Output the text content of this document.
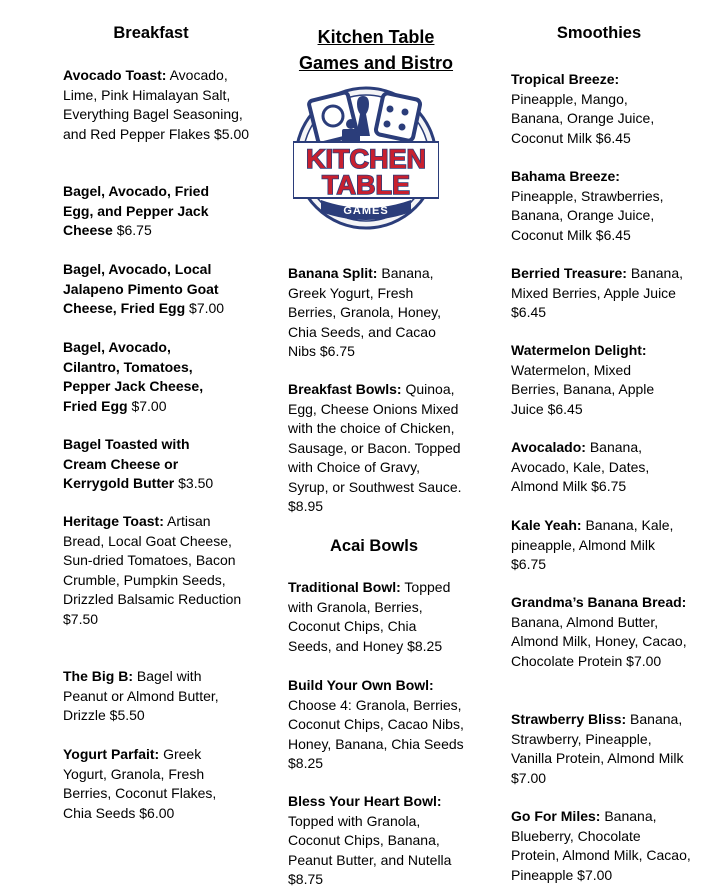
Breakfast
Avocado Toast: Avocado, Lime, Pink Himalayan Salt, Everything Bagel Seasoning, and Red Pepper Flakes $5.00
Bagel, Avocado, Fried Egg, and Pepper Jack Cheese $6.75
Bagel, Avocado, Local Jalapeno Pimento Goat Cheese, Fried Egg $7.00
Bagel, Avocado, Cilantro, Tomatoes, Pepper Jack Cheese, Fried Egg $7.00
Bagel Toasted with Cream Cheese or Kerrygold Butter $3.50
Heritage Toast: Artisan Bread, Local Goat Cheese, Sun-dried Tomatoes, Bacon Crumble, Pumpkin Seeds, Drizzled Balsamic Reduction $7.50
The Big B: Bagel with Peanut or Almond Butter, Drizzle $5.50
Yogurt Parfait: Greek Yogurt, Granola, Fresh Berries, Coconut Flakes, Chia Seeds $6.00
Kitchen Table
Games and Bistro
KITCHEN
TABLE
GAMES
Banana Split: Banana, Greek Yogurt, Fresh Berries, Granola, Honey, Chia Seeds, and Cacao Nibs $6.75
Breakfast Bowls: Quinoa, Egg, Cheese Onions Mixed with the choice of Chicken, Sausage, or Bacon. Topped with Choice of Gravy, Syrup, or Southwest Sauce. $8.95
Acai Bowls
Traditional Bowl: Topped with Granola, Berries, Coconut Chips, Chia Seeds, and Honey $8.25
Build Your Own Bowl: Choose 4: Granola, Berries, Coconut Chips, Cacao Nibs, Honey, Banana, Chia Seeds $8.25
Bless Your Heart Bowl: Topped with Granola, Coconut Chips, Banana, Peanut Butter, and Nutella $8.75
Smoothies
Tropical Breeze: Pineapple, Mango, Banana, Orange Juice, Coconut Milk $6.45
Bahama Breeze: Pineapple, Strawberries, Banana, Orange Juice, Coconut Milk $6.45
Berried Treasure: Banana, Mixed Berries, Apple Juice $6.45
Watermelon Delight: Watermelon, Mixed Berries, Banana, Apple Juice $6.45
Avocalado: Banana, Avocado, Kale, Dates, Almond Milk $6.75
Kale Yeah: Banana, Kale, pineapple, Almond Milk $6.75
Grandma’s Banana Bread: Banana, Almond Butter, Almond Milk, Honey, Cacao, Chocolate Protein $7.00
Strawberry Bliss: Banana, Strawberry, Pineapple, Vanilla Protein, Almond Milk $7.00
Go For Miles: Banana, Blueberry, Chocolate Protein, Almond Milk, Cacao, Pineapple $7.00
